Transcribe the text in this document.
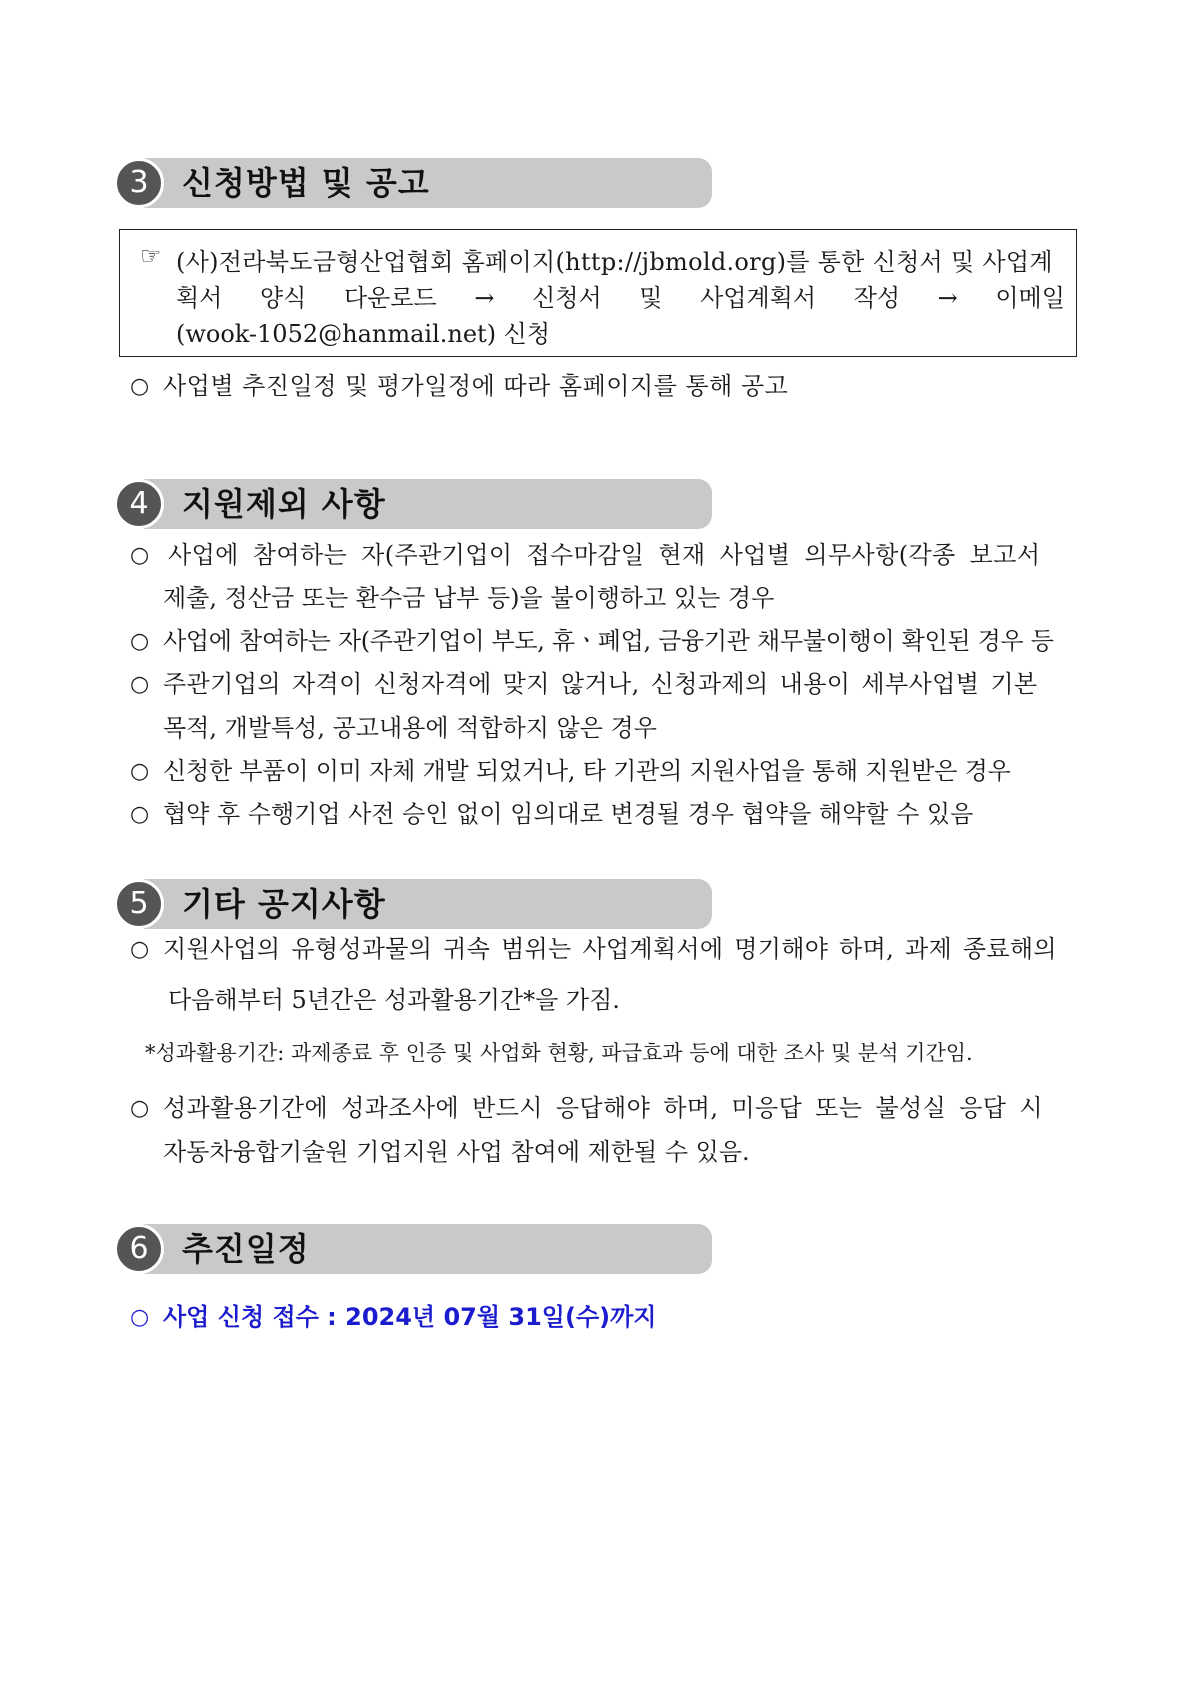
3	신청방법 및 공고
☞ (사)전라북도금형산업협회 홈페이지(http://jbmold.org)를 통한 신청서 및 사업계
획서 양식 다운로드 → 신청서 및 사업계획서 작성 → 이메일
(wook-1052@hanmail.net) 신청
○ 사업별 추진일정 및 평가일정에 따라 홈페이지를 통해 공고
4	지원제외 사항
○ 사업에 참여하는 자(주관기업이 접수마감일 현재 사업별 의무사항(각종 보고서
제출, 정산금 또는 환수금 납부 등)을 불이행하고 있는 경우
○ 사업에 참여하는 자(주관기업이 부도, 휴ㆍ폐업, 금융기관 채무불이행이 확인된 경우 등
○ 주관기업의 자격이 신청자격에 맞지 않거나, 신청과제의 내용이 세부사업별 기본
목적, 개발특성, 공고내용에 적합하지 않은 경우
○ 신청한 부품이 이미 자체 개발 되었거나, 타 기관의 지원사업을 통해 지원받은 경우
○ 협약 후 수행기업 사전 승인 없이 임의대로 변경될 경우 협약을 해약할 수 있음
5	기타 공지사항
○ 지원사업의 유형성과물의 귀속 범위는 사업계획서에 명기해야 하며, 과제 종료해의
다음해부터 5년간은 성과활용기간*을 가짐.
*성과활용기간: 과제종료 후 인증 및 사업화 현황, 파급효과 등에 대한 조사 및 분석 기간임.
○ 성과활용기간에 성과조사에 반드시 응답해야 하며, 미응답 또는 불성실 응답 시
자동차융합기술원 기업지원 사업 참여에 제한될 수 있음.
6	추진일정
○ 사업 신청 접수 : 2024년 07월 31일(수)까지
